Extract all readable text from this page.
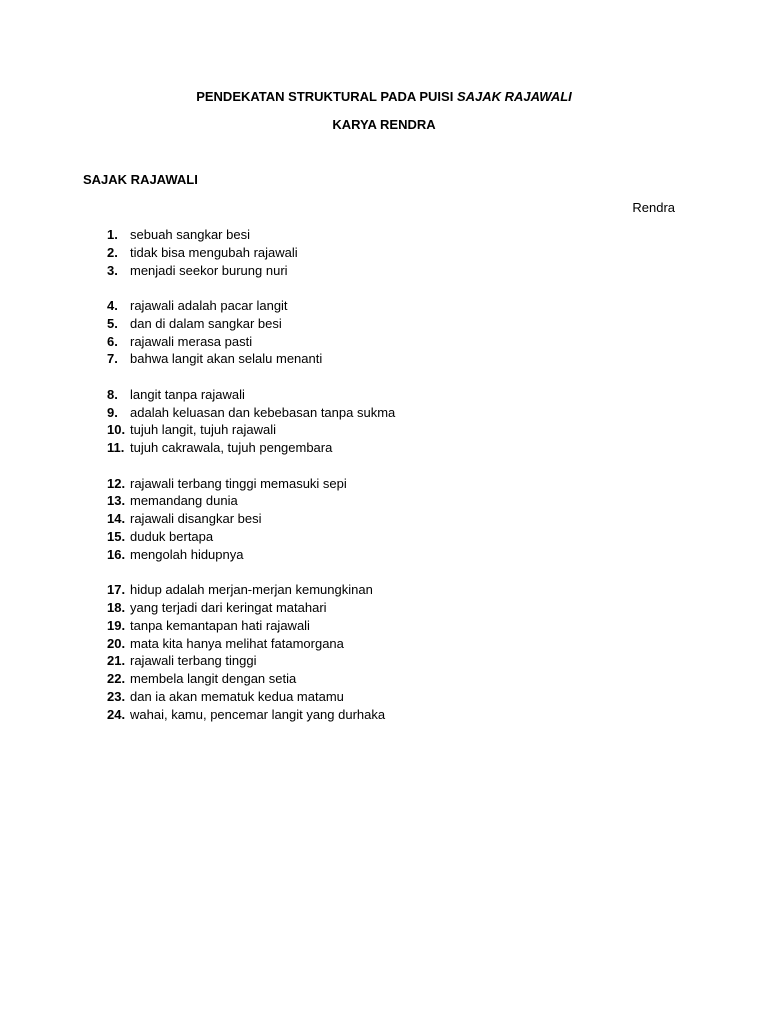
PENDEKATAN STRUKTURAL PADA PUISI SAJAK RAJAWALI
KARYA RENDRA
SAJAK RAJAWALI
Rendra
1. sebuah sangkar besi
2. tidak bisa mengubah rajawali
3. menjadi seekor burung nuri
4. rajawali adalah pacar langit
5. dan di dalam sangkar besi
6. rajawali merasa pasti
7. bahwa langit akan selalu menanti
8. langit tanpa rajawali
9. adalah keluasan dan kebebasan tanpa sukma
10. tujuh langit, tujuh rajawali
11. tujuh cakrawala, tujuh pengembara
12. rajawali terbang tinggi memasuki sepi
13. memandang dunia
14. rajawali disangkar besi
15. duduk bertapa
16. mengolah hidupnya
17. hidup adalah merjan-merjan kemungkinan
18. yang terjadi dari keringat matahari
19. tanpa kemantapan hati rajawali
20. mata kita hanya melihat fatamorgana
21. rajawali terbang tinggi
22. membela langit dengan setia
23. dan ia akan mematuk kedua matamu
24. wahai, kamu, pencemar langit yang durhaka
